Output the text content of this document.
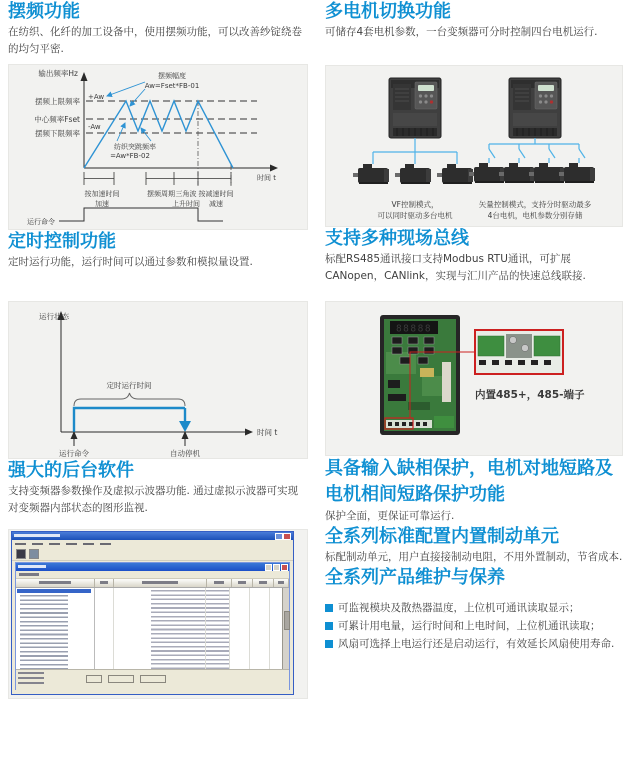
摆频功能

在纺织、化纤的加工设备中，使用摆频功能，可以改善纱锭绕卷的均匀平密.

输出频率Hz
摆频上限频率
中心频率Fset
摆频下限频率
+Aw
-Aw
摆频幅度
Aw=Fset*FB-01
纺织突跳频率
=Aw*FB-02
时间 t
按加速时间
加速
摆频周期 三角波
上升时间
按减速时间
减速
运行命令
定时控制功能

定时运行功能，运行时间可以通过参数和模拟量设置.

运行状态
时间 t
定时运行时间
运行命令	自动停机
强大的后台软件

支持变频器参数操作及虚拟示波器功能. 通过虚拟示波器可实现对变频器内部状态的图形监视.

多电机切换功能

可储存4套电机参数，一台变频器可分时控制四台电机运行.

VF控制模式，
可以同时驱动多台电机
矢量控制模式，支持分时驱动最多
4台电机，电机参数分别存储
支持多种现场总线

标配RS485通讯接口支持Modbus RTU通讯，可扩展CANopen，CANlink，实现与汇川产品的快速总线联接.

88888
内置485+，485-端子
具备输入缺相保护，电机对地短路及电机相间短路保护功能

保护全面，更保证可靠运行.

全系列标准配置内置制动单元

标配制动单元，用户直接接制动电阻，不用外置制动，节省成本.

全系列产品维护与保养
可监视模块及散热器温度，上位机可通讯读取显示；
可累计用电量，运行时间和上电时间，上位机通讯读取；
风扇可选择上电运行还是启动运行，有效延长风扇使用寿命.
